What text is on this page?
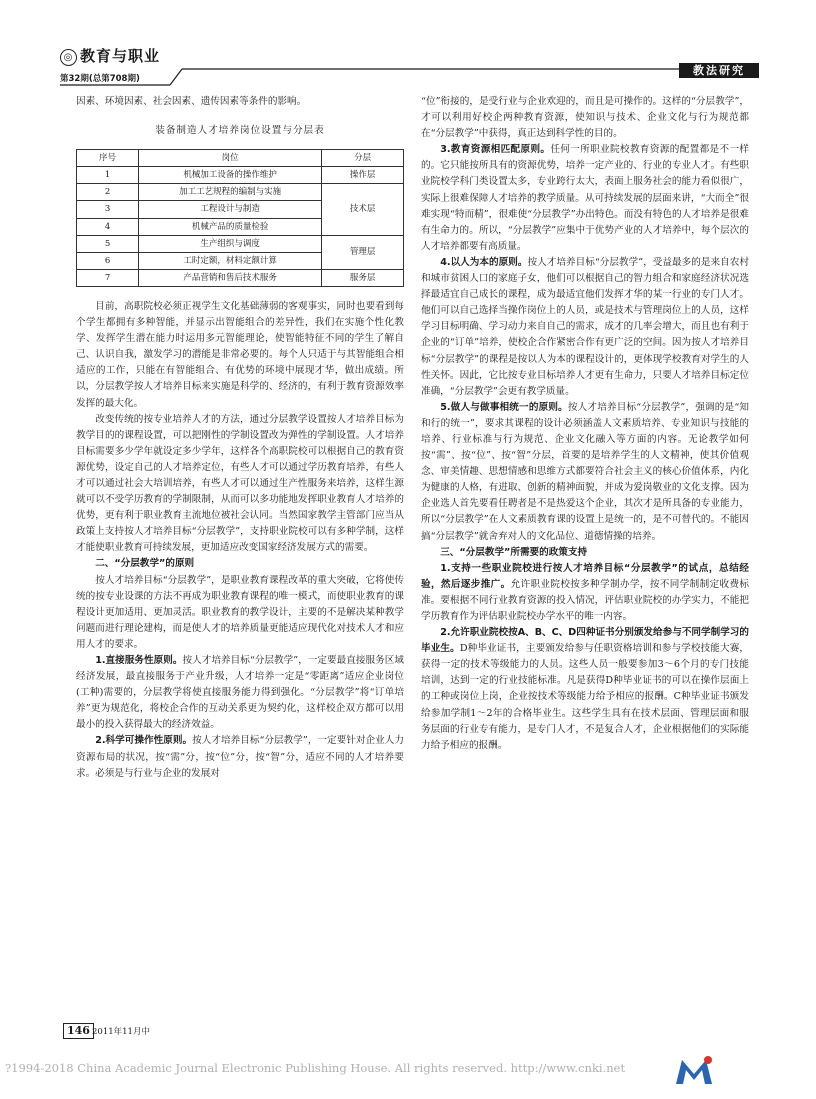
◎ 教育与职业
第32期(总第708期)
教法研究

因素、环境因素、社会因素、遗传因素等条件的影响。

装备制造人才培养岗位设置与分层表
序号	岗位	分层
1	机械加工设备的操作维护	操作层
2	加工工艺规程的编制与实施	技术层
3	工程设计与制造	
4	机械产品的质量检验	
5	生产组织与调度	管理层
6	工时定额，材料定额计算	
7	产品营销和售后技术服务	服务层

目前，高职院校必须正视学生文化基础薄弱的客观事实，同时也要看到每个学生都拥有多种智能，并显示出智能组合的差异性，我们在实施个性化教学、发挥学生潜在能力时运用多元智能理论，使智能特征不同的学生了解自己、认识自我，激发学习的潜能是非常必要的。每个人只适于与其智能组合相适应的工作，只能在有智能组合、有优势的环境中展现才华，做出成绩。所以，分层教学按人才培养目标来实施是科学的、经济的，有利于教育资源效率发挥的最大化。

改变传统的按专业培养人才的方法，通过分层教学设置按人才培养目标为教学目的的课程设置，可以把刚性的学制设置改为弹性的学制设置。人才培养目标需要多少学年就设定多少学年，这样各个高职院校可以根据自己的教育资源优势，设定自己的人才培养定位，有些人才可以通过学历教育培养，有些人才可以通过社会大培训培养，有些人才可以通过生产性服务来培养，这样生源就可以不受学历教育的学制限制，从而可以多功能地发挥职业教育人才培养的优势，更有利于职业教育主流地位被社会认同。当然国家教学主管部门应当从政策上支持按人才培养目标“分层教学”，支持职业院校可以有多种学制，这样才能使职业教育可持续发展，更加适应改变国家经济发展方式的需要。

二、“分层教学”的原则

按人才培养目标“分层教学”，是职业教育课程改革的重大突破，它将使传统的按专业设课的方法不再成为职业教育课程的唯一模式，而使职业教育的课程设计更加适用、更加灵活。职业教育的教学设计，主要的不是解决某种教学问题而进行理论建构，而是使人才的培养质量更能适应现代化对技术人才和应用人才的要求。

1.直接服务性原则。按人才培养目标“分层教学”，一定要最直接服务区域经济发展，最直接服务于产业升级，人才培养一定是“零距离”适应企业岗位(工种)需要的，分层教学将使直接服务能力得到强化。“分层教学”将“订单培养”更为规范化，将校企合作的互动关系更为契约化，这样校企双方都可以用最小的投入获得最大的经济效益。

2.科学可操作性原则。按人才培养目标“分层教学”，一定要针对企业人力资源布局的状况，按“需”分，按“位”分，按“智”分，适应不同的人才培养要求。必须是与行业与企业的发展对

“位”衔接的，是受行业与企业欢迎的，而且是可操作的。这样的“分层教学”，才可以利用好校企两种教育资源，使知识与技术、企业文化与行为规范都在“分层教学”中获得，真正达到科学性的目的。

3.教育资源相匹配原则。任何一所职业院校教育资源的配置都是不一样的。它只能按所具有的资源优势，培养一定产业的、行业的专业人才。有些职业院校学科门类设置太多，专业跨行太大，表面上服务社会的能力看似很广，实际上很难保障人才培养的教学质量。从可持续发展的层面来讲，“大而全”很难实现“特而精”，很难使“分层教学”办出特色。而没有特色的人才培养是很难有生命力的。所以，“分层教学”应集中于优势产业的人才培养中，每个层次的人才培养都要有高质量。

4.以人为本的原则。按人才培养目标“分层教学”，受益最多的是来自农村和城市贫困人口的家庭子女，他们可以根据自己的智力组合和家庭经济状况选择最适宜自己成长的课程，成为最适宜他们发挥才华的某一行业的专门人才。他们可以自己选择当操作岗位上的人员，或是技术与管理岗位上的人员，这样学习目标明确、学习动力来自自己的需求，成才的几率会增大，而且也有利于企业的“订单”培养，使校企合作紧密合作有更广泛的空间。因为按人才培养目标“分层教学”的课程是按以人为本的课程设计的，更体现学校教育对学生的人性关怀。因此，它比按专业目标培养人才更有生命力，只要人才培养目标定位准确，“分层教学”会更有教学质量。

5.做人与做事相统一的原则。按人才培养目标“分层教学”，强调的是“知和行的统一”，要求其课程的设计必须涵盖人文素质培养、专业知识与技能的培养、行业标准与行为规范、企业文化融入等方面的内容。无论教学如何按“需”、按“位”、按“智”分层，首要的是培养学生的人文精神，使其价值观念、审美情趣、思想情感和思维方式都要符合社会主义的核心价值体系，内化为健康的人格，有进取、创新的精神面貌，并成为爱岗敬业的文化支撑。因为企业选人首先要看任聘者是不是热爱这个企业，其次才是所具备的专业能力，所以“分层教学”在人文素质教育课的设置上是统一的，是不可替代的。不能因搞“分层教学”就舍弃对人的文化品位、道德情操的培养。

三、“分层教学”所需要的政策支持

1.支持一些职业院校进行按人才培养目标“分层教学”的试点，总结经验，然后逐步推广。允许职业院校按多种学制办学，按不同学制制定收费标准。要根据不同行业教育资源的投入情况，评估职业院校的办学实力，不能把学历教育作为评估职业院校办学水平的唯一内容。

2.允许职业院校按A、B、C、D四种证书分别颁发给参与不同学制学习的毕业生。D种毕业证书，主要颁发给参与任职资格培训和参与学校技能大赛，获得一定的技术等级能力的人员。这些人员一般要参加3～6个月的专门技能培训，达到一定的行业技能标准。凡是获得D种毕业证书的可以在操作层面上的工种或岗位上岗，企业按技术等级能力给予相应的报酬。C种毕业证书颁发给参加学制1～2年的合格毕业生。这些学生具有在技术层面、管理层面和服务层面的行业专有能力，是专门人才，不是复合人才，企业根据他们的实际能力给予相应的报酬。

146 2011年11月中
?1994-2018 China Academic Journal Electronic Publishing House. All rights reserved. http://www.cnki.net
